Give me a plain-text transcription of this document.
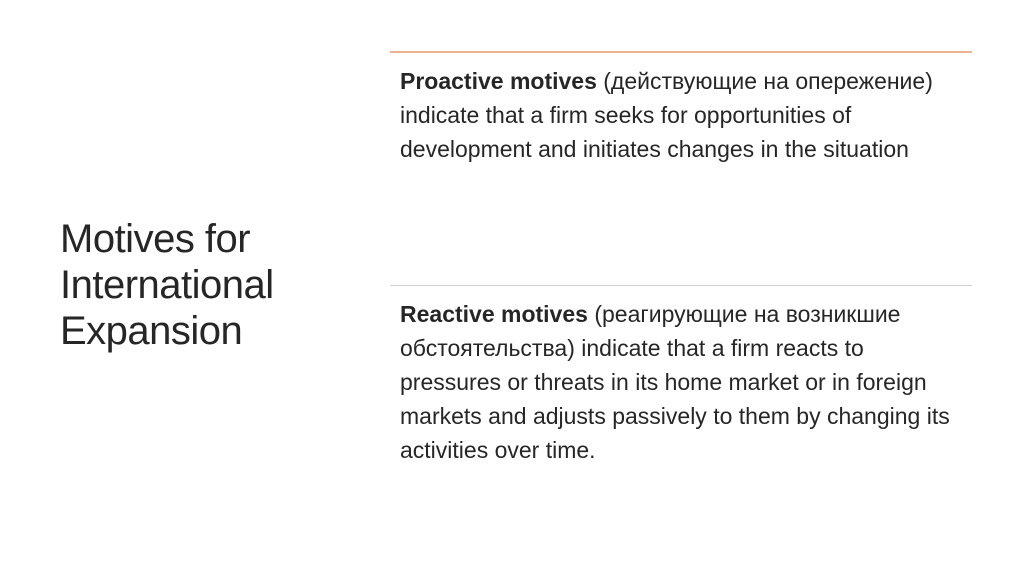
Motives for International Expansion
Proactive motives (действующие на опережение) indicate that a firm seeks for opportunities of development and initiates changes in the situation
Reactive motives (реагирующие на возникшие обстоятельства) indicate that a firm reacts to pressures or threats in its home market or in foreign markets and adjusts passively to them by changing its activities over time.
